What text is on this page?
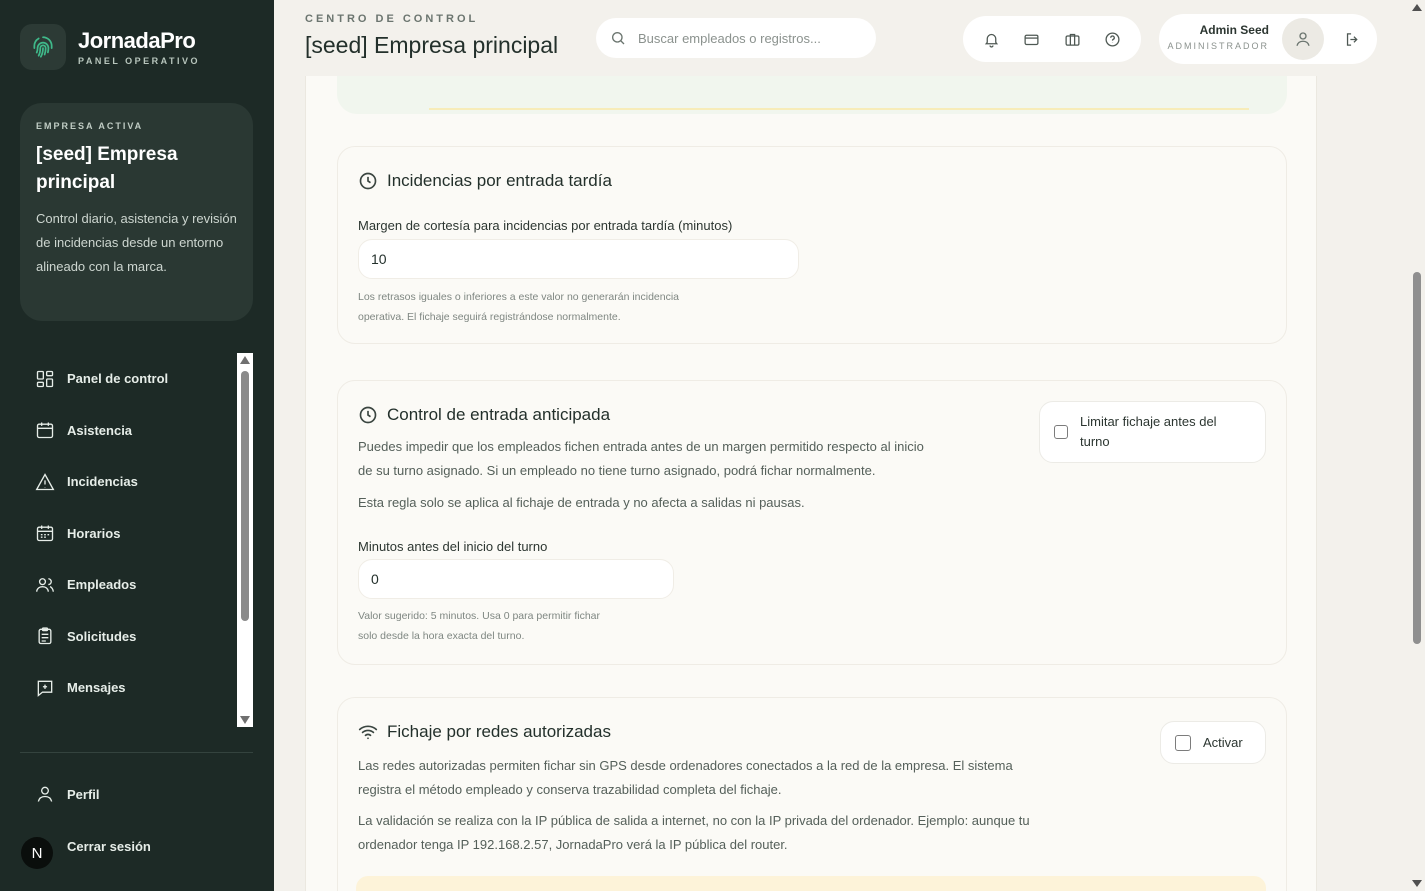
JornadaPro
PANEL OPERATIVO
EMPRESA ACTIVA
[seed] Empresa principal
Control diario, asistencia y revisión de incidencias desde un entorno alineado con la marca.
Panel de control
Asistencia
Incidencias
Horarios
Empleados
Solicitudes
Mensajes
Perfil
Cerrar sesión
N
CENTRO DE CONTROL
[seed] Empresa principal
Buscar empleados o registros...
Admin Seed
ADMINISTRADOR
Incidencias por entrada tardía
Margen de cortesía para incidencias por entrada tardía (minutos)
10
Los retrasos iguales o inferiores a este valor no generarán incidencia
operativa. El fichaje seguirá registrándose normalmente.
Control de entrada anticipada
Puedes impedir que los empleados fichen entrada antes de un margen permitido respecto al inicio
de su turno asignado. Si un empleado no tiene turno asignado, podrá fichar normalmente.
Esta regla solo se aplica al fichaje de entrada y no afecta a salidas ni pausas.
Limitar fichaje antes del
turno
Minutos antes del inicio del turno
0
Valor sugerido: 5 minutos. Usa 0 para permitir fichar
solo desde la hora exacta del turno.
Fichaje por redes autorizadas
Activar
Las redes autorizadas permiten fichar sin GPS desde ordenadores conectados a la red de la empresa. El sistema
registra el método empleado y conserva trazabilidad completa del fichaje.
La validación se realiza con la IP pública de salida a internet, no con la IP privada del ordenador. Ejemplo: aunque tu
ordenador tenga IP 192.168.2.57, JornadaPro verá la IP pública del router.
